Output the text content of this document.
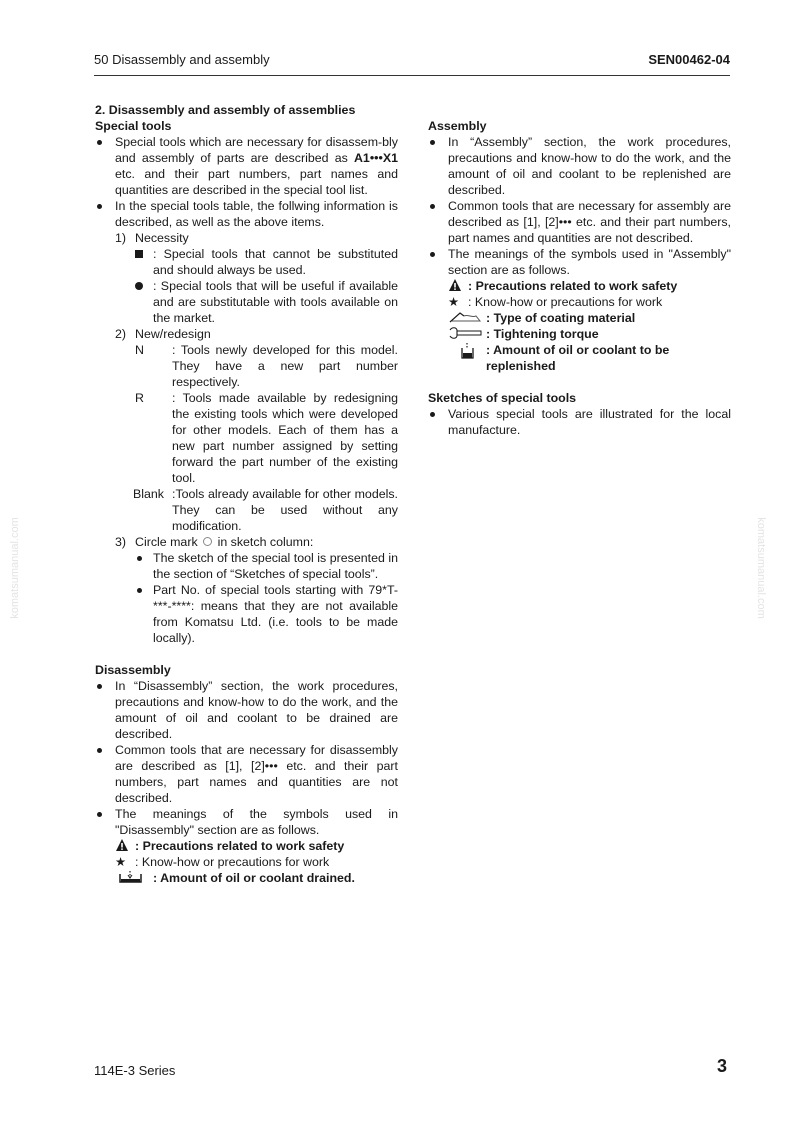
50 Disassembly and assembly	SEN00462-04
komatsumanual.com	komatsumanual.com
2. Disassembly and assembly of assemblies
Special tools
Special tools which are necessary for disassem-bly and assembly of parts are described as A1•••X1 etc. and their part numbers, part names and quantities are described in the special tool list.
In the special tools table, the follwing information is described, as well as the above items.
1) Necessity
: Special tools that cannot be substituted and should always be used.
: Special tools that will be useful if available and are substitutable with tools available on the market.
2) New/redesign
N : Tools newly developed for this model. They have a new part number respectively.
R : Tools made available by redesigning the existing tools which were developed for other models. Each of them has a new part number assigned by setting forward the part number of the existing tool.
Blank :Tools already available for other models. They can be used without any modification.
3) Circle mark in sketch column:
The sketch of the special tool is presented in the section of “Sketches of special tools”.
Part No. of special tools starting with 79*T-***-****: means that they are not available from Komatsu Ltd. (i.e. tools to be made locally).
Disassembly
In “Disassembly” section, the work procedures, precautions and know-how to do the work, and the amount of oil and coolant to be drained are described.
Common tools that are necessary for disassembly are described as [1], [2]••• etc. and their part numbers, part names and quantities are not described.
The meanings of the symbols used in "Disassembly" section are as follows.
: Precautions related to work safety
★ : Know-how or precautions for work
: Amount of oil or coolant drained.
Assembly
In “Assembly” section, the work procedures, precautions and know-how to do the work, and the amount of oil and coolant to be replenished are described.
Common tools that are necessary for assembly are described as [1], [2]••• etc. and their part numbers, part names and quantities are not described.
The meanings of the symbols used in "Assembly" section are as follows.
: Precautions related to work safety
★ : Know-how or precautions for work
: Type of coating material
: Tightening torque
: Amount of oil or coolant to be replenished
Sketches of special tools
Various special tools are illustrated for the local manufacture.
114E-3 Series	3
